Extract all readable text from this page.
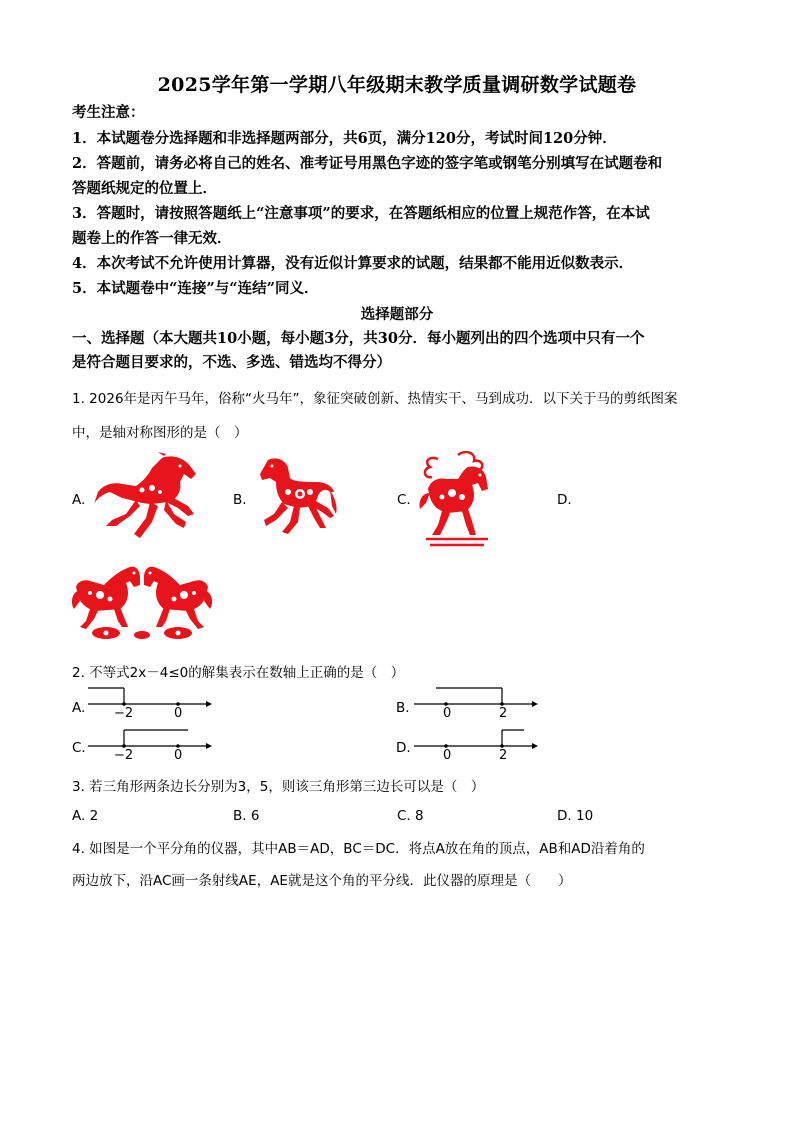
2025学年第一学期八年级期末教学质量调研数学试题卷
考生注意：
1．本试题卷分选择题和非选择题两部分，共6页，满分120分，考试时间120分钟．
2．答题前，请务必将自己的姓名、准考证号用黑色字迹的签字笔或钢笔分别填写在试题卷和
答题纸规定的位置上．
3．答题时，请按照答题纸上“注意事项”的要求，在答题纸相应的位置上规范作答，在本试
题卷上的作答一律无效．
4．本次考试不允许使用计算器，没有近似计算要求的试题，结果都不能用近似数表示．
5．本试题卷中“连接”与“连结”同义．
选择题部分
一、选择题（本大题共10小题，每小题3分，共30分．每小题列出的四个选项中只有一个
是符合题目要求的，不选、多选、错选均不得分）
1. 2026年是丙午马年，俗称“火马年”，象征突破创新、热情实干、马到成功．以下关于马的剪纸图案
中，是轴对称图形的是（　）
A.	B.	C.	D.
2. 不等式2x－4≤0的解集表示在数轴上正确的是（　）
A. −2	0	B.	0	2
C. −2	0	D. 0	2
3. 若三角形两条边长分别为3，5，则该三角形第三边长可以是（　）
A. 2	B. 6	C. 8	D. 10
4. 如图是一个平分角的仪器，其中AB＝AD，BC＝DC．将点A放在角的顶点，AB和AD沿着角的
两边放下，沿AC画一条射线AE，AE就是这个角的平分线．此仪器的原理是（　　）
